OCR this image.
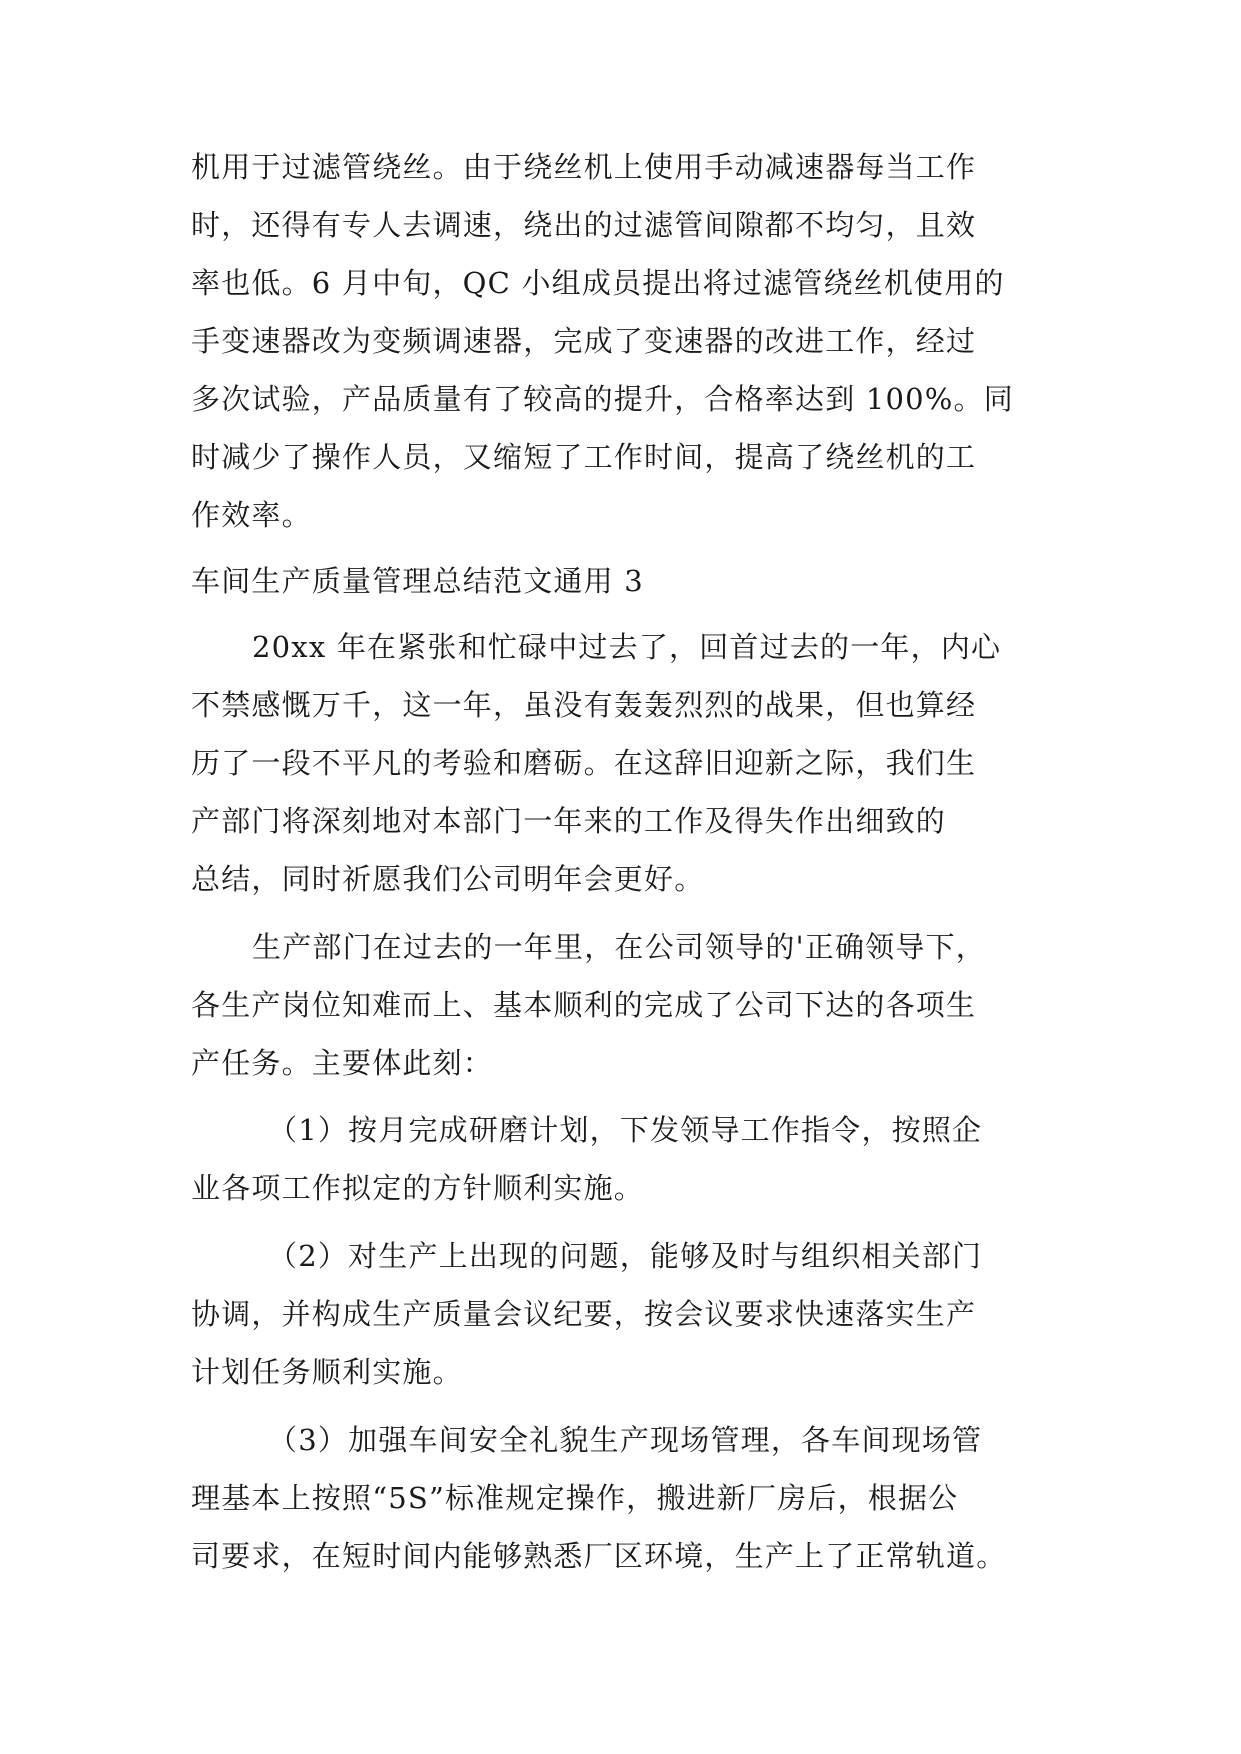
机用于过滤管绕丝。由于绕丝机上使用手动减速器每当工作
时，还得有专人去调速，绕出的过滤管间隙都不均匀，且效
率也低。6 月中旬，QC 小组成员提出将过滤管绕丝机使用的
手变速器改为变频调速器，完成了变速器的改进工作，经过
多次试验，产品质量有了较高的提升，合格率达到 100%。同
时减少了操作人员，又缩短了工作时间，提高了绕丝机的工
作效率。
车间生产质量管理总结范文通用 3
20xx 年在紧张和忙碌中过去了，回首过去的一年，内心
不禁感慨万千，这一年，虽没有轰轰烈烈的战果，但也算经
历了一段不平凡的考验和磨砺。在这辞旧迎新之际，我们生
产部门将深刻地对本部门一年来的工作及得失作出细致的
总结，同时祈愿我们公司明年会更好。
生产部门在过去的一年里，在公司领导的'正确领导下，
各生产岗位知难而上、基本顺利的完成了公司下达的各项生
产任务。主要体此刻：
（1）按月完成研磨计划，下发领导工作指令，按照企
业各项工作拟定的方针顺利实施。
（2）对生产上出现的问题，能够及时与组织相关部门
协调，并构成生产质量会议纪要，按会议要求快速落实生产
计划任务顺利实施。
（3）加强车间安全礼貌生产现场管理，各车间现场管
理基本上按照“5S”标准规定操作，搬进新厂房后，根据公
司要求，在短时间内能够熟悉厂区环境，生产上了正常轨道。
